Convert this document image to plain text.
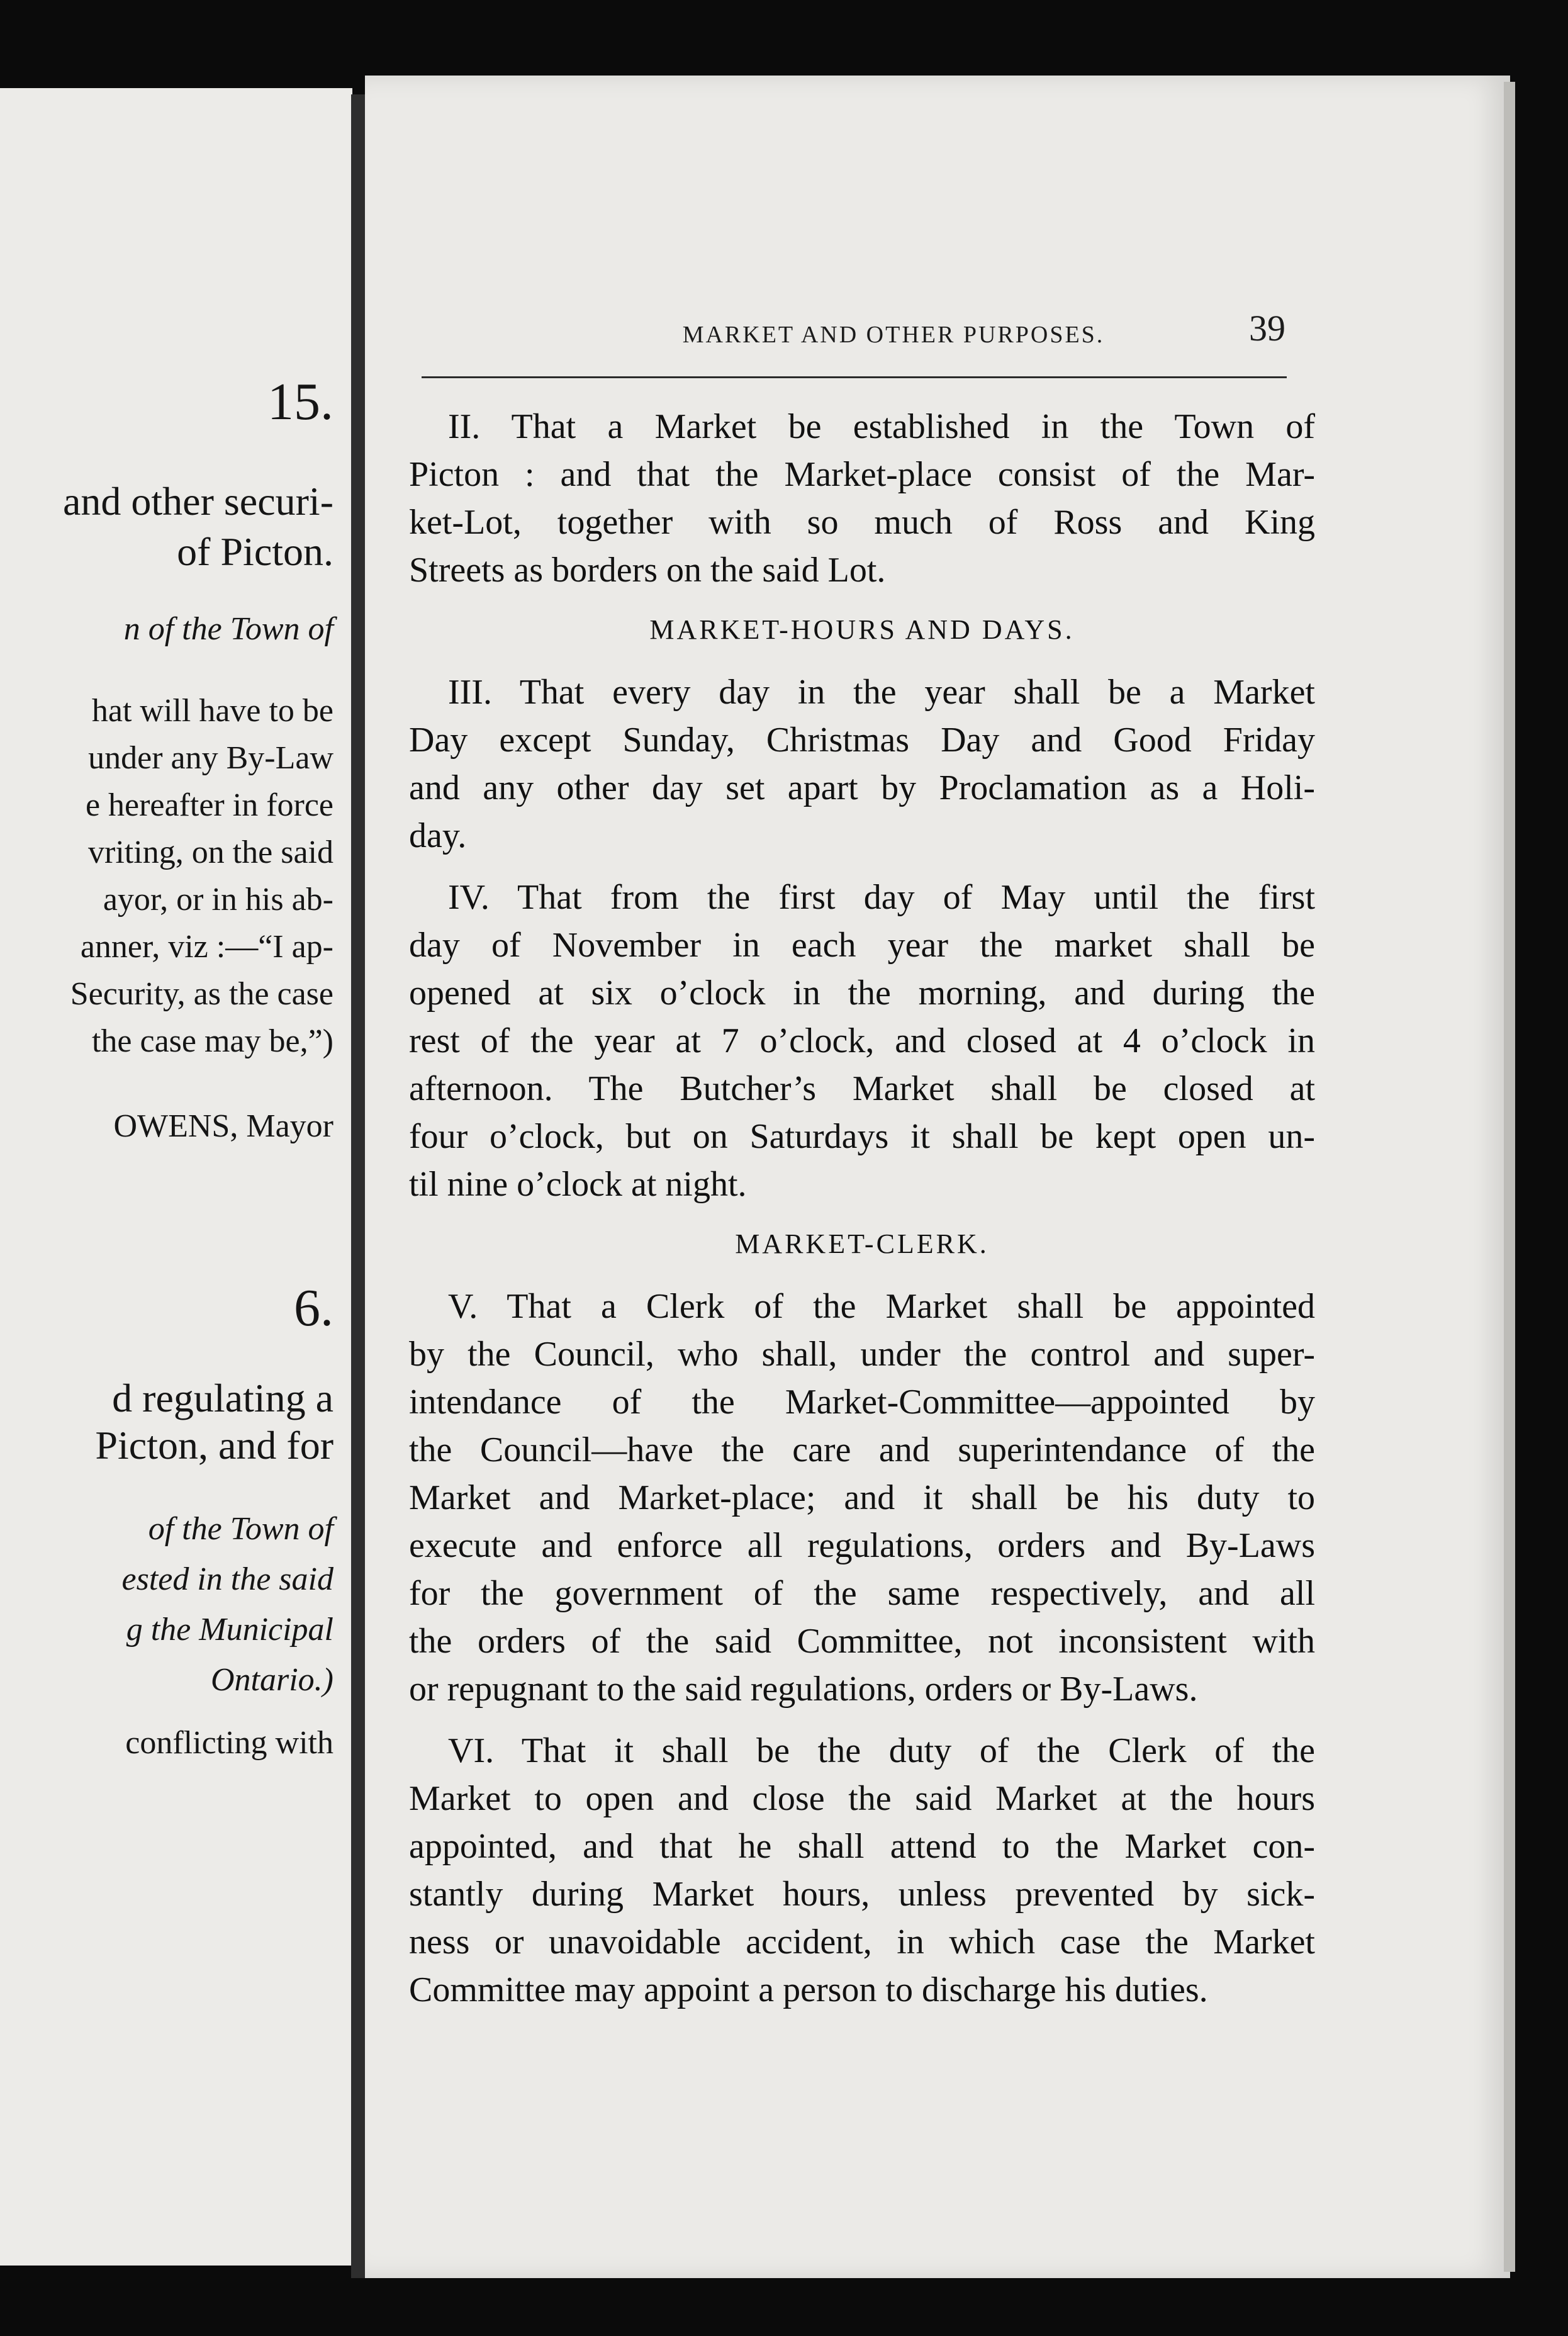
15.
and other securi-
of Picton.
n of the Town of
hat will have to be
under any By-Law
e hereafter in force
vriting, on the said
ayor, or in his ab-
anner, viz :—“I ap-
Security, as the case
the case may be,”)
OWENS, Mayor
6.
d regulating a
Picton, and for
of the Town of
ested in the said
g the Municipal
Ontario.)
conflicting with
MARKET AND OTHER PURPOSES.	39
II. That a Market be established in the Town of
Picton : and that the Market-place consist of the Mar-
ket-Lot, together with so much of Ross and King
Streets as borders on the said Lot.
MARKET-HOURS AND DAYS.
III. That every day in the year shall be a Market
Day except Sunday, Christmas Day and Good Friday
and any other day set apart by Proclamation as a Holi-
day.
IV. That from the first day of May until the first
day of November in each year the market shall be
opened at six o’clock in the morning, and during the
rest of the year at 7 o’clock, and closed at 4 o’clock in
afternoon. The Butcher’s Market shall be closed at
four o’clock, but on Saturdays it shall be kept open un-
til nine o’clock at night.
MARKET-CLERK.
V. That a Clerk of the Market shall be appointed
by the Council, who shall, under the control and super-
intendance of the Market-Committee—appointed by
the Council—have the care and superintendance of the
Market and Market-place; and it shall be his duty to
execute and enforce all regulations, orders and By-Laws
for the government of the same respectively, and all
the orders of the said Committee, not inconsistent with
or repugnant to the said regulations, orders or By-Laws.
VI. That it shall be the duty of the Clerk of the
Market to open and close the said Market at the hours
appointed, and that he shall attend to the Market con-
stantly during Market hours, unless prevented by sick-
ness or unavoidable accident, in which case the Market
Committee may appoint a person to discharge his duties.
